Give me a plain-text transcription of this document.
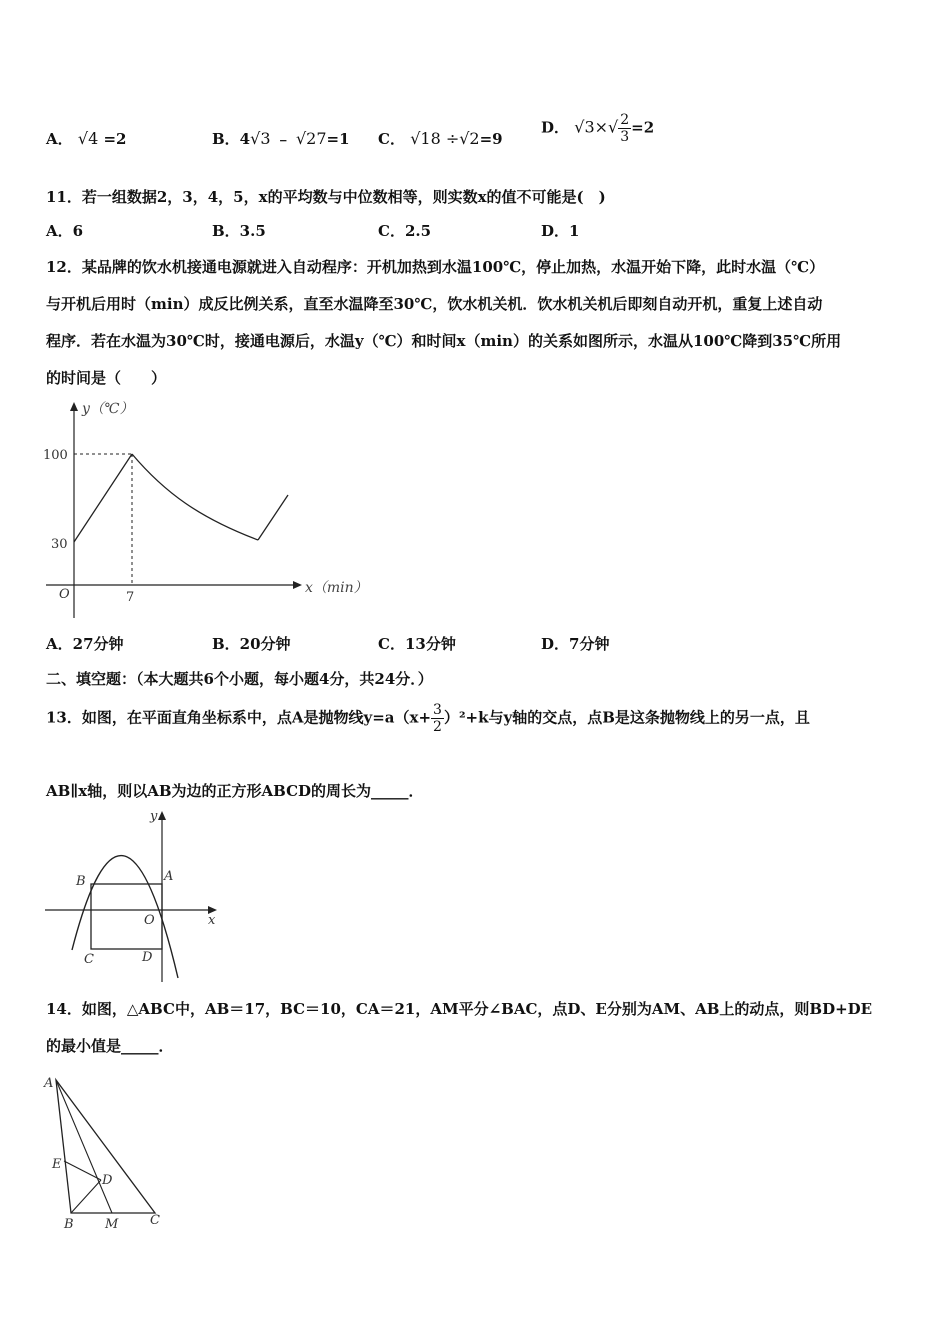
A． √4 =2	B．4√3 ﹣ √27=1 C． √18 ÷√2=9
D． $√3\times√ \frac{2}{3} =2$
11．若一组数据2，3，4，5，x的平均数与中位数相等，则实数x的值不可能是(　)
A．6	B．3.5	C．2.5	D．1
12．某品牌的饮水机接通电源就进入自动程序：开机加热到水温100℃，停止加热，水温开始下降，此时水温（℃）
与开机后用时（min）成反比例关系，直至水温降至30℃，饮水机关机．饮水机关机后即刻自动开机，重复上述自动
程序．若在水温为30℃时，接通电源后，水温y（℃）和时间x（min）的关系如图所示，水温从100℃降到35℃所用
的时间是（　　）
y（℃）
x（min）
100
30
O	7
A．27分钟	B．20分钟	C．13分钟	D．7分钟
二、填空题：（本大题共6个小题，每小题4分，共24分．）
13．如图，在平面直角坐标系中，点A是抛物线$y=a(x+ \frac{3}{2} )^2+k$与y轴的交点，点B是这条抛物线上的另一点，且
AB∥x轴，则以AB为边的正方形ABCD的周长为_____．
y
x
A
B
C	D
O
14．如图，△ABC中，AB＝17，BC＝10，CA＝21，AM平分∠BAC，点D、E分别为AM、AB上的动点，则BD+DE
的最小值是_____．
A
E
D
B M C
